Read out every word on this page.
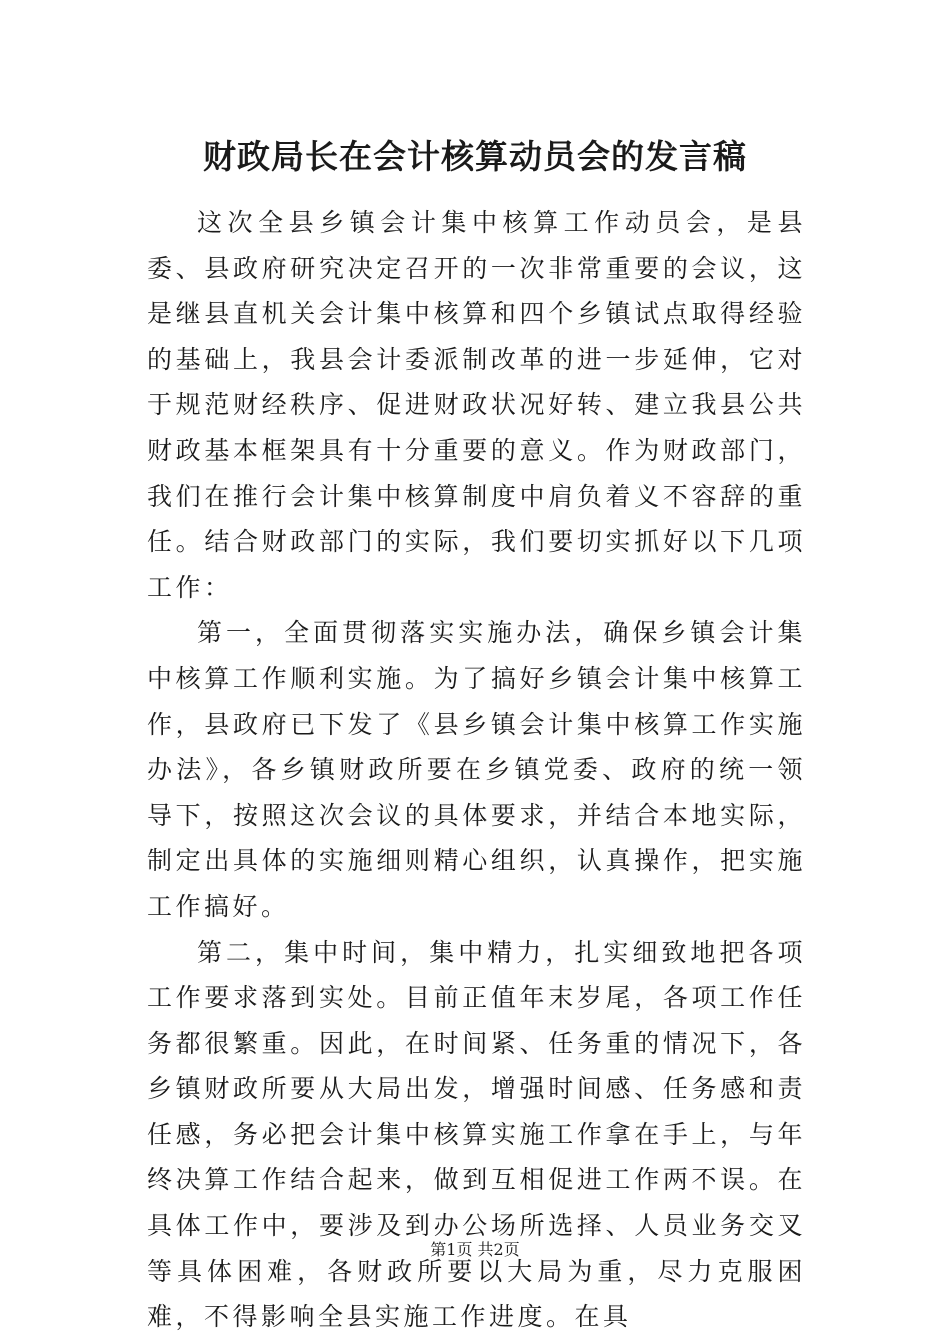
财政局长在会计核算动员会的发言稿

这次全县乡镇会计集中核算工作动员会，是县委、县政府研究决定召开的一次非常重要的会议，这是继县直机关会计集中核算和四个乡镇试点取得经验的基础上，我县会计委派制改革的进一步延伸，它对于规范财经秩序、促进财政状况好转、建立我县公共财政基本框架具有十分重要的意义。作为财政部门，我们在推行会计集中核算制度中肩负着义不容辞的重任。结合财政部门的实际，我们要切实抓好以下几项工作：

第一，全面贯彻落实实施办法，确保乡镇会计集中核算工作顺利实施。为了搞好乡镇会计集中核算工作，县政府已下发了《县乡镇会计集中核算工作实施办法》，各乡镇财政所要在乡镇党委、政府的统一领导下，按照这次会议的具体要求，并结合本地实际，制定出具体的实施细则精心组织，认真操作，把实施工作搞好。

第二，集中时间，集中精力，扎实细致地把各项工作要求落到实处。目前正值年末岁尾，各项工作任务都很繁重。因此，在时间紧、任务重的情况下，各乡镇财政所要从大局出发，增强时间感、任务感和责任感，务必把会计集中核算实施工作拿在手上，与年终决算工作结合起来，做到互相促进工作两不误。在具体工作中，要涉及到办公场所选择、人员业务交叉等具体困难，各财政所要以大局为重，尽力克服困难，不得影响全县实施工作进度。在具

第1页 共2页
